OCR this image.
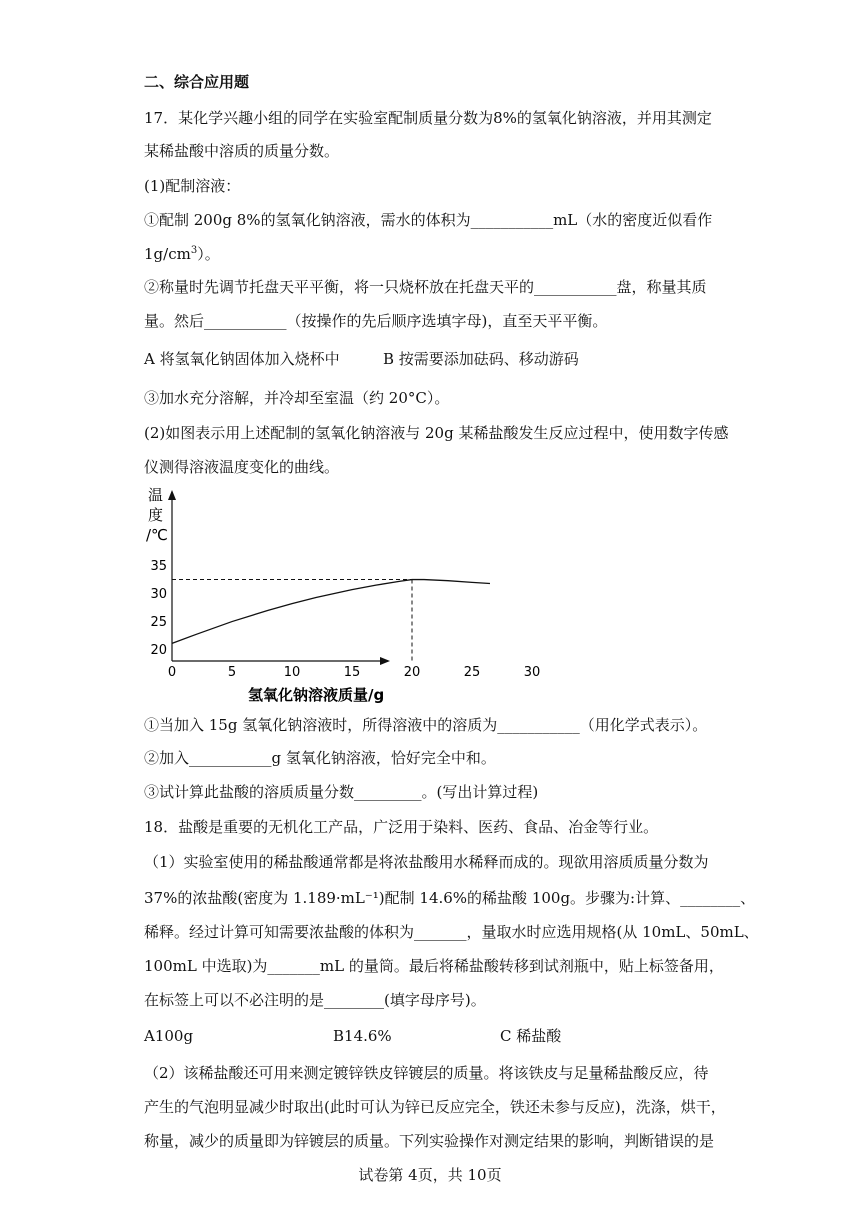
二、综合应用题
17．某化学兴趣小组的同学在实验室配制质量分数为8%的氢氧化钠溶液，并用其测定
某稀盐酸中溶质的质量分数。
(1)配制溶液：
①配制 200g 8%的氢氧化钠溶液，需水的体积为___________mL（水的密度近似看作
$1g/cm^3$）。
②称量时先调节托盘天平平衡，将一只烧杯放在托盘天平的___________盘，称量其质
量。然后___________（按操作的先后顺序选填字母)，直至天平平衡。
A 将氢氧化钠固体加入烧杯中	B 按需要添加砝码、移动游码
③加水充分溶解，并冷却至室温（约 20°C）。
(2)如图表示用上述配制的氢氧化钠溶液与 20g 某稀盐酸发生反应过程中，使用数字传感
仪测得溶液温度变化的曲线。
20
25
30
35
0	5	10	15	20	25	30
温
度
/℃
氢氧化钠溶液质量/g
①当加入 15g 氢氧化钠溶液时，所得溶液中的溶质为___________（用化学式表示）。
②加入___________g 氢氧化钠溶液，恰好完全中和。
③试计算此盐酸的溶质质量分数_________。(写出计算过程)
18．盐酸是重要的无机化工产品，广泛用于染料、医药、食品、冶金等行业。
（1）实验室使用的稀盐酸通常都是将浓盐酸用水稀释而成的。现欲用溶质质量分数为
37%的浓盐酸(密度为 1.189·mL⁻¹)配制 14.6%的稀盐酸 100g。步骤为:计算、________、
稀释。经过计算可知需要浓盐酸的体积为_______，量取水时应选用规格(从 10mL、50mL、
100mL 中选取)为_______mL 的量筒。最后将稀盐酸转移到试剂瓶中，贴上标签备用，
在标签上可以不必注明的是________(填字母序号)。
A100g	B14.6%	C 稀盐酸
（2）该稀盐酸还可用来测定镀锌铁皮锌镀层的质量。将该铁皮与足量稀盐酸反应，待
产生的气泡明显减少时取出(此时可认为锌已反应完全，铁还未参与反应)，洗涤，烘干，
称量，减少的质量即为锌镀层的质量。下列实验操作对测定结果的影响，判断错误的是
试卷第 4页，共 10页
